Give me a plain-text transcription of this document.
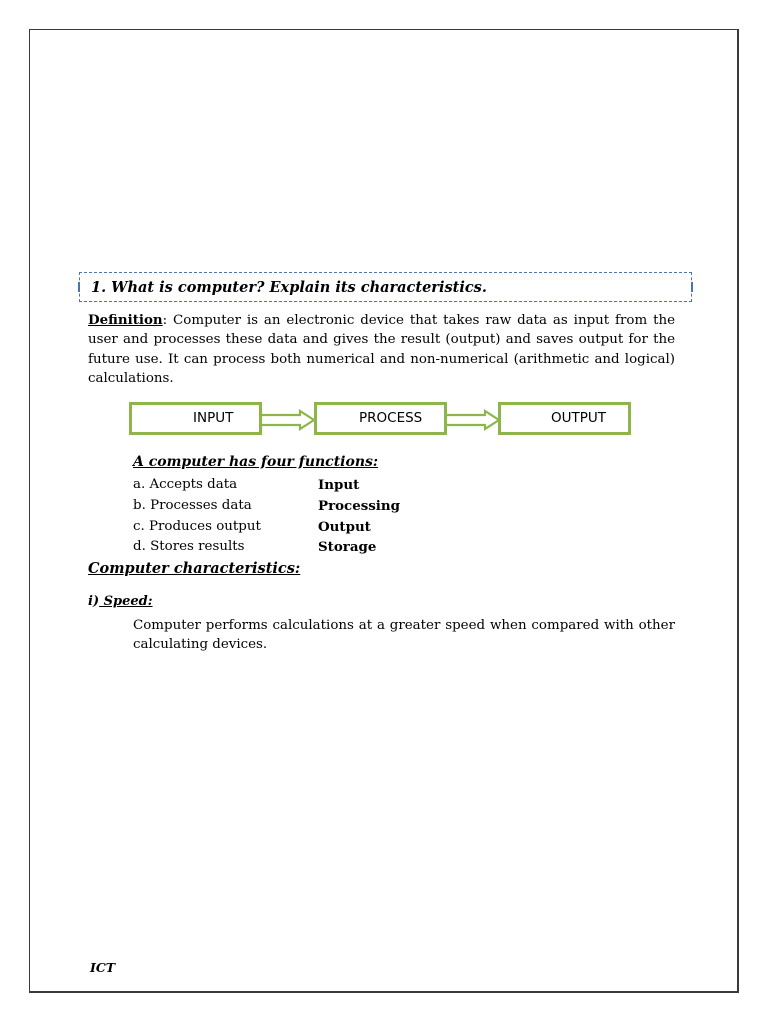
1. What is computer? Explain its characteristics.
Definition: Computer is an electronic device that takes raw data as input from the user and processes these data and gives the result (output) and saves output for the future use. It can process both numerical and non-numerical (arithmetic and logical) calculations.
INPUT	PROCESS	OUTPUT
A computer has four functions:
a. Accepts data	Input
b. Processes data	Processing
c. Produces output	Output
d. Stores results	Storage
Computer characteristics:
i) Speed:
Computer performs calculations at a greater speed when compared with other calculating devices.
ICT
